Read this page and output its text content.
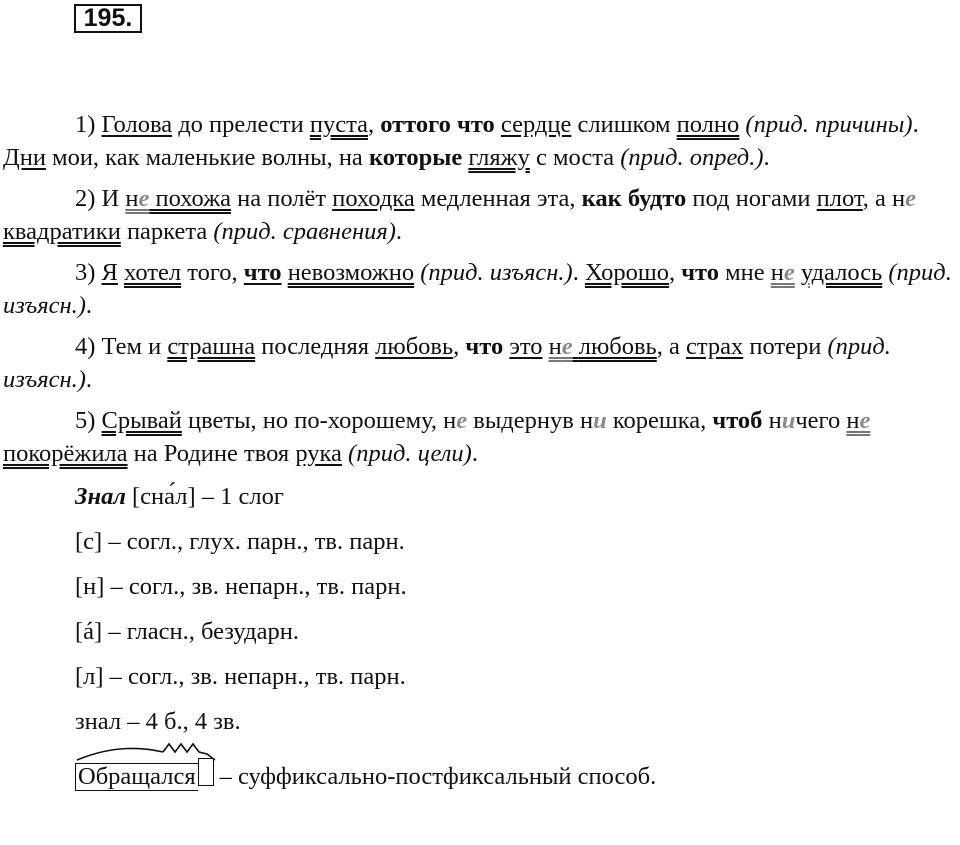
195.

1) Голова до прелести пуста, оттого что сердце слишком полно (прид. причины). Дни мои, как маленькие волны, на которые гляжу с моста (прид. опред.).

2) И не похожа на полёт походка медленная эта, как будто под ногами плот, а не квадратики паркета (прид. сравнения).

3) Я хотел того, что невозможно (прид. изъясн.). Хорошо, что мне не удалось (прид. изъясн.).

4) Тем и страшна последняя любовь, что это не любовь, а страх потери (прид. изъясн.).

5) Срывай цветы, но по-хорошему, не выдернув ни корешка, чтоб ничего не покорёжила на Родине твоя рука (прид. цели).

Знал [сна́л] – 1 слог
[с] – согл., глух. парн., тв. парн.
[н] – согл., зв. непарн., тв. парн.
[á] – гласн., безударн.
[л] – согл., зв. непарн., тв. парн.
знал – 4 б., 4 зв.
Обращался – суффиксально-постфиксальный способ.
